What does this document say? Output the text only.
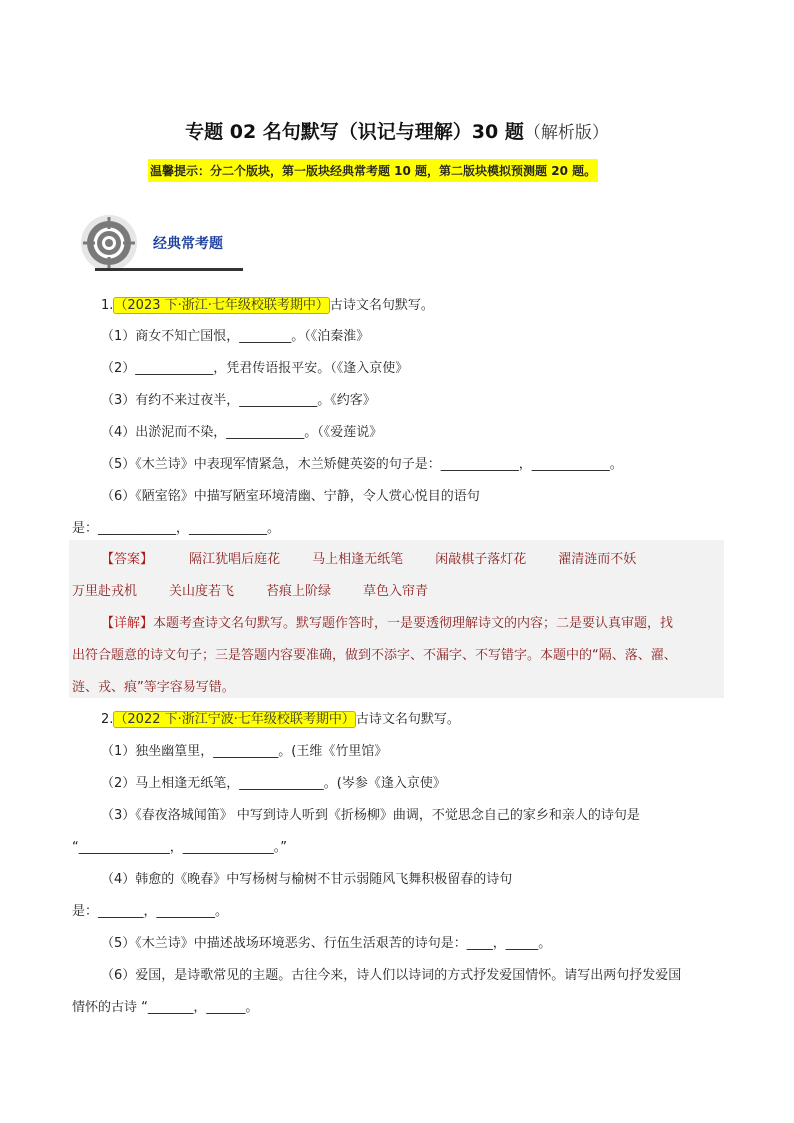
专题 02 名句默写（识记与理解）30 题（解析版）
温馨提示：分二个版块，第一版块经典常考题 10 题，第二版块模拟预测题 20 题。
经典常考题
1.（2023 下·浙江·七年级校联考期中）古诗文名句默写。
（1）商女不知亡国恨，________。（《泊秦淮》
（2）____________，凭君传语报平安。（《逢入京使》
（3）有约不来过夜半，____________。《约客》
（4）出淤泥而不染，____________。（《爱莲说》
（5）《木兰诗》中表现军情紧急，木兰矫健英姿的句子是：____________，____________。
（6）《陋室铭》中描写陋室环境清幽、宁静，令人赏心悦目的语句
是：____________，____________。
【答案】	隔江犹唱后庭花 马上相逢无纸笔 闲敲棋子落灯花 濯清涟而不妖
万里赴戎机 关山度若飞 苔痕上阶绿 草色入帘青
【详解】本题考查诗文名句默写。默写题作答时，一是要透彻理解诗文的内容；二是要认真审题，找
出符合题意的诗文句子；三是答题内容要准确，做到不添字、不漏字、不写错字。本题中的“隔、落、濯、
涟、戎、痕”等字容易写错。
2.（2022 下·浙江宁波·七年级校联考期中）古诗文名句默写。
（1）独坐幽篁里，__________。(王维《竹里馆》
（2）马上相逢无纸笔，_____________。(岑参《逢入京使》
（3）《春夜洛城闻笛》 中写到诗人听到《折杨柳》曲调，不觉思念自己的家乡和亲人的诗句是
“______________，______________。”
（4）韩愈的《晚春》中写杨树与榆树不甘示弱随风飞舞积极留春的诗句
是：_______，_________。
（5）《木兰诗》中描述战场环境恶劣、行伍生活艰苦的诗句是：____，_____。
（6）爱国，是诗歌常见的主题。古往今来，诗人们以诗词的方式抒发爱国情怀。请写出两句抒发爱国
情怀的古诗 “_______，______。
